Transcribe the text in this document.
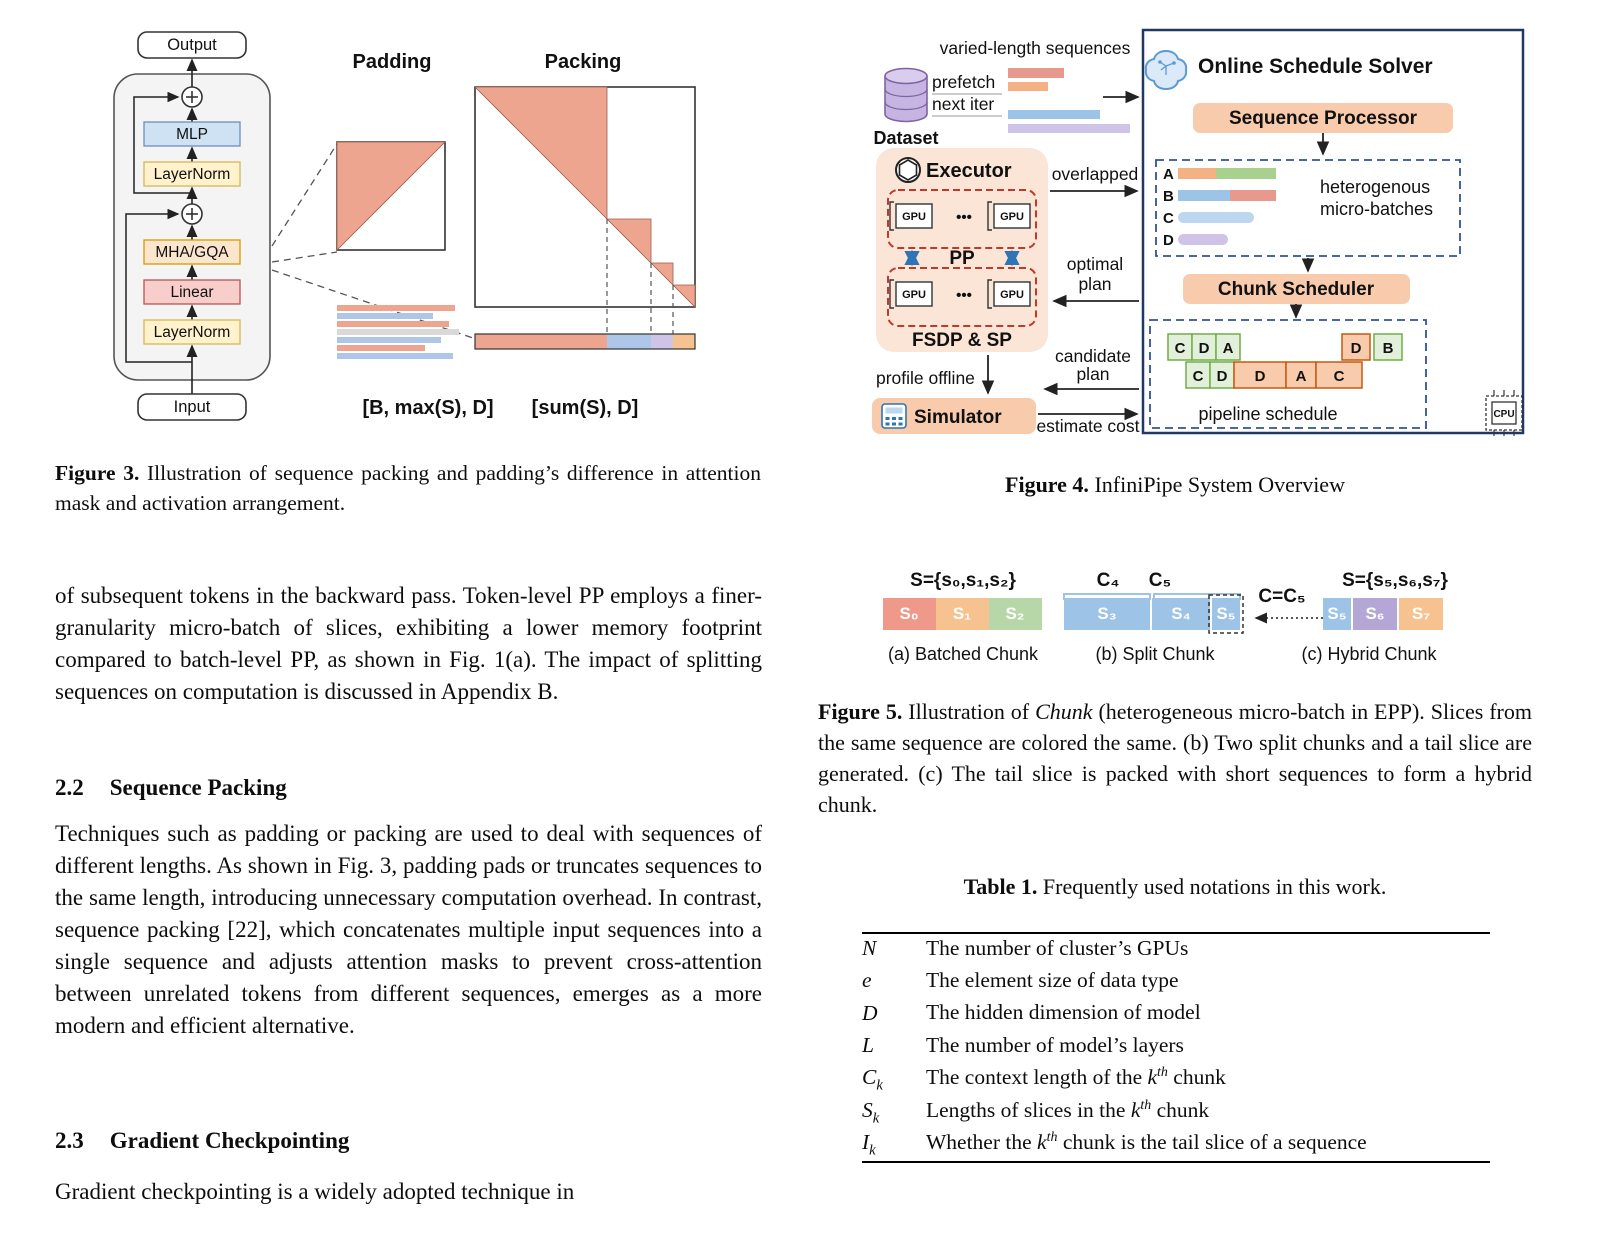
MLP
LayerNorm
MHA/GQA
Linear
LayerNorm
Output
Input
Padding
[B, max(S), D]
Packing
[sum(S), D]
Figure 3. Illustration of sequence packing and padding’s difference in attention mask and activation arrangement.

of subsequent tokens in the backward pass. Token-level PP employs a finer-granularity micro-batch of slices, exhibiting a lower memory footprint compared to batch-level PP, as shown in Fig. 1(a). The impact of splitting sequences on computation is discussed in Appendix B.

2.2 Sequence Packing

Techniques such as padding or packing are used to deal with sequences of different lengths. As shown in Fig. 3, padding pads or truncates sequences to the same length, introducing unnecessary computation overhead. In contrast, sequence packing [22], which concatenates multiple input sequences into a single sequence and adjusts attention masks to prevent cross-attention between unrelated tokens from different sequences, emerges as a more modern and efficient alternative.

2.3 Gradient Checkpointing

Gradient checkpointing is a widely adopted technique in

varied-length sequences
Dataset
prefetch
next iter
Online Schedule Solver
Sequence Processor
A
B
C
D
heterogenous
micro-batches
Chunk Scheduler
C D A	D B
C D D A C
pipeline schedule	CPU
Executor
GPU •••	GPU
PP
GPU •••	GPU
FSDP & SP
overlapped
optimal
plan
profile offline
candidate
plan
Simulator estimate cost
Figure 4. InfiniPipe System Overview
S={s₀,s₁,s₂}
S₀ S₁ S₂
(a) Batched Chunk
C₄ C₅
S₃	S₄ S₅
(b) Split Chunk
C=C₅
S={s₅,s₆,s₇}
S₅ S₆ S₇
(c) Hybrid Chunk
Figure 5. Illustration of Chunk (heterogeneous micro-batch in EPP). Slices from the same sequence are colored the same. (b) Two split chunks and a tail slice are generated. (c) The tail slice is packed with short sequences to form a hybrid chunk.
Table 1. Frequently used notations in this work.
N	The number of cluster’s GPUs
e	The element size of data type
D	The hidden dimension of model
L	The number of model’s layers
$C_k$	The context length of the $k^{th}$ chunk
$S_k$	Lengths of slices in the $k^{th}$ chunk
$I_k$	Whether the $k^{th}$ chunk is the tail slice of a sequence
